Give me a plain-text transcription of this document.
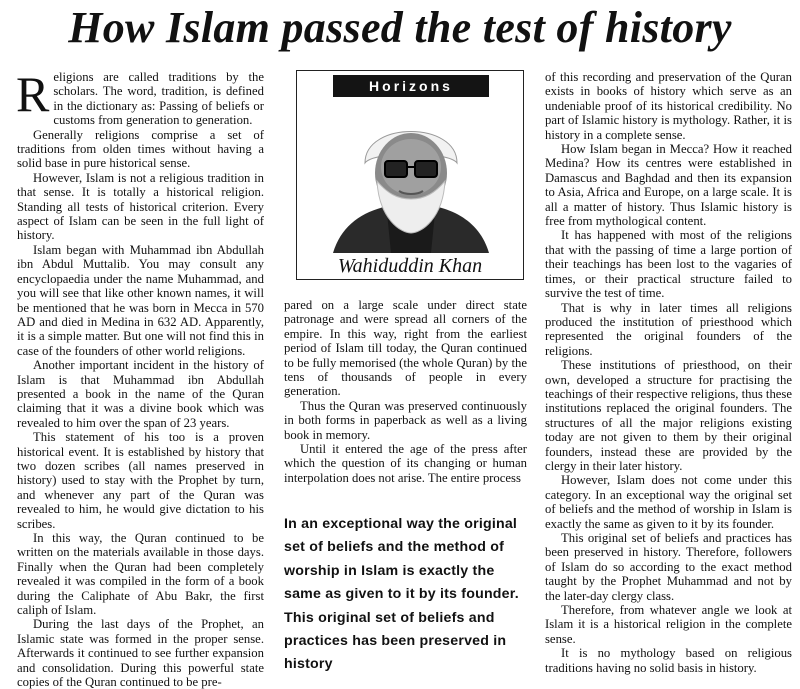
How Islam passed the test of history

Religions are called traditions by the scholars. The word, tradition, is defined in the dictionary as: Passing of beliefs or customs from generation to generation.

Generally religions comprise a set of traditions from olden times without having a solid base in pure historical sense.

However, Islam is not a religious tradition in that sense. It is totally a historical religion. Standing all tests of historical criterion. Every aspect of Islam can be seen in the full light of history.

Islam began with Muhammad ibn Abdullah ibn Abdul Muttalib. You may consult any encyclopaedia under the name Muhammad, and you will see that like other known names, it will be mentioned that he was born in Mecca in 570 AD and died in Medina in 632 AD. Apparently, it is a simple matter. But one will not find this in case of the founders of other world religions.

Another important incident in the history of Islam is that Muhammad ibn Abdullah presented a book in the name of the Quran claiming that it was a divine book which was revealed to him over the span of 23 years.

This statement of his too is a proven historical event. It is established by history that two dozen scribes (all names preserved in history) used to stay with the Prophet by turn, and whenever any part of the Quran was revealed to him, he would give dictation to his scribes.

In this way, the Quran continued to be written on the materials available in those days. Finally when the Quran had been completely revealed it was compiled in the form of a book during the Caliphate of Abu Bakr, the first caliph of Islam.

During the last days of the Prophet, an Islamic state was formed in the proper sense. Afterwards it continued to see further expansion and consolidation. During this powerful state copies of the Quran continued to be pre-

Horizons
Wahiduddin Khan

pared on a large scale under direct state patronage and were spread all corners of the empire. In this way, right from the earliest period of Islam till today, the Quran continued to be fully memorised (the whole Quran) by the tens of thousands of people in every generation.

Thus the Quran was preserved continuously in both forms in paperback as well as a living book in memory.

Until it entered the age of the press after which the question of its changing or human interpolation does not arise. The entire process

In an exceptional way the original set of beliefs and the method of worship in Islam is exactly the same as given to it by its founder. This original set of beliefs and practices has been preserved in history

of this recording and preservation of the Quran exists in books of history which serve as an undeniable proof of its historical credibility. No part of Islamic history is mythology. Rather, it is history in a complete sense.

How Islam began in Mecca? How it reached Medina? How its centres were established in Damascus and Baghdad and then its expansion to Asia, Africa and Europe, on a large scale. It is all a matter of history. Thus Islamic history is free from mythological content.

It has happened with most of the religions that with the passing of time a large portion of their teachings has been lost to the vagaries of times, or their practical structure failed to survive the test of time.

That is why in later times all religions produced the institution of priesthood which represented the original founders of the religions.

These institutions of priesthood, on their own, developed a structure for practising the teachings of their respective religions, thus these institutions replaced the original founders. The structures of all the major religions existing today are not given to them by their original founders, instead these are provided by the clergy in their later history.

However, Islam does not come under this category. In an exceptional way the original set of beliefs and the method of worship in Islam is exactly the same as given to it by its founder.

This original set of beliefs and practices has been preserved in history. Therefore, followers of Islam do so according to the exact method taught by the Prophet Muhammad and not by the later-day clergy class.

Therefore, from whatever angle we look at Islam it is a historical religion in the complete sense.

It is no mythology based on religious traditions having no solid basis in history.
